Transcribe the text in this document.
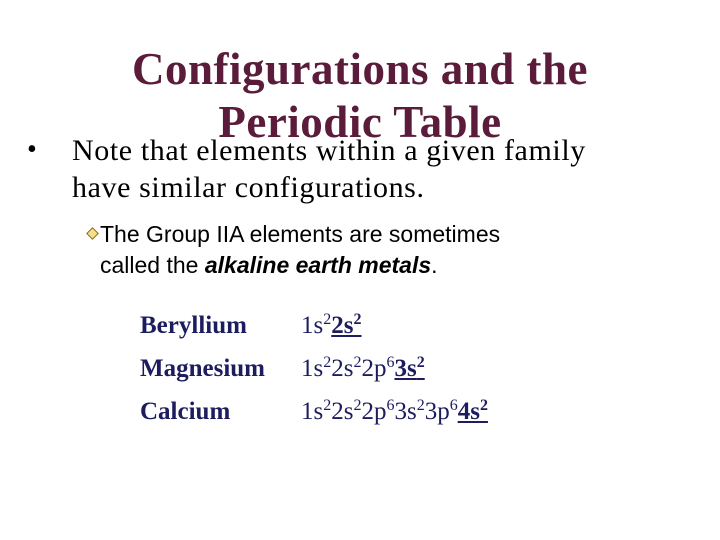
Configurations and the
Periodic Table
• Note that elements within a given family
have similar configurations.
The Group IIA elements are sometimes
called the alkaline earth metals.
Beryllium $1s^22s^2$
Magnesium $1s^22s^22p^63s^2$
Calcium	$1s^22s^22p^63s^23p^64s^2$
